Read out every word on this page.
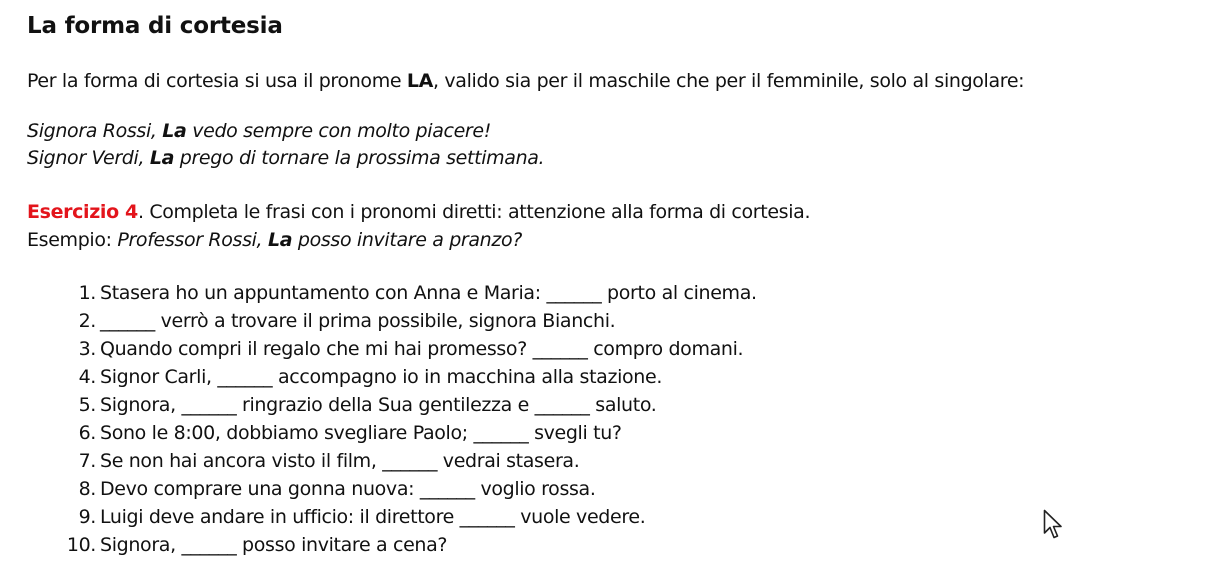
La forma di cortesia
Per la forma di cortesia si usa il pronome LA, valido sia per il maschile che per il femminile, solo al singolare:
Signora Rossi, La vedo sempre con molto piacere!
Signor Verdi, La prego di tornare la prossima settimana.
Esercizio 4. Completa le frasi con i pronomi diretti: attenzione alla forma di cortesia.
Esempio: Professor Rossi, La posso invitare a pranzo?
1. Stasera ho un appuntamento con Anna e Maria: ______ porto al cinema.
2. ______ verrò a trovare il prima possibile, signora Bianchi.
3. Quando compri il regalo che mi hai promesso? ______ compro domani.
4. Signor Carli, ______ accompagno io in macchina alla stazione.
5. Signora, ______ ringrazio della Sua gentilezza e ______ saluto.
6. Sono le 8:00, dobbiamo svegliare Paolo; ______ svegli tu?
7. Se non hai ancora visto il film, ______ vedrai stasera.
8. Devo comprare una gonna nuova: ______ voglio rossa.
9. Luigi deve andare in ufficio: il direttore ______ vuole vedere.
10. Signora, ______ posso invitare a cena?
